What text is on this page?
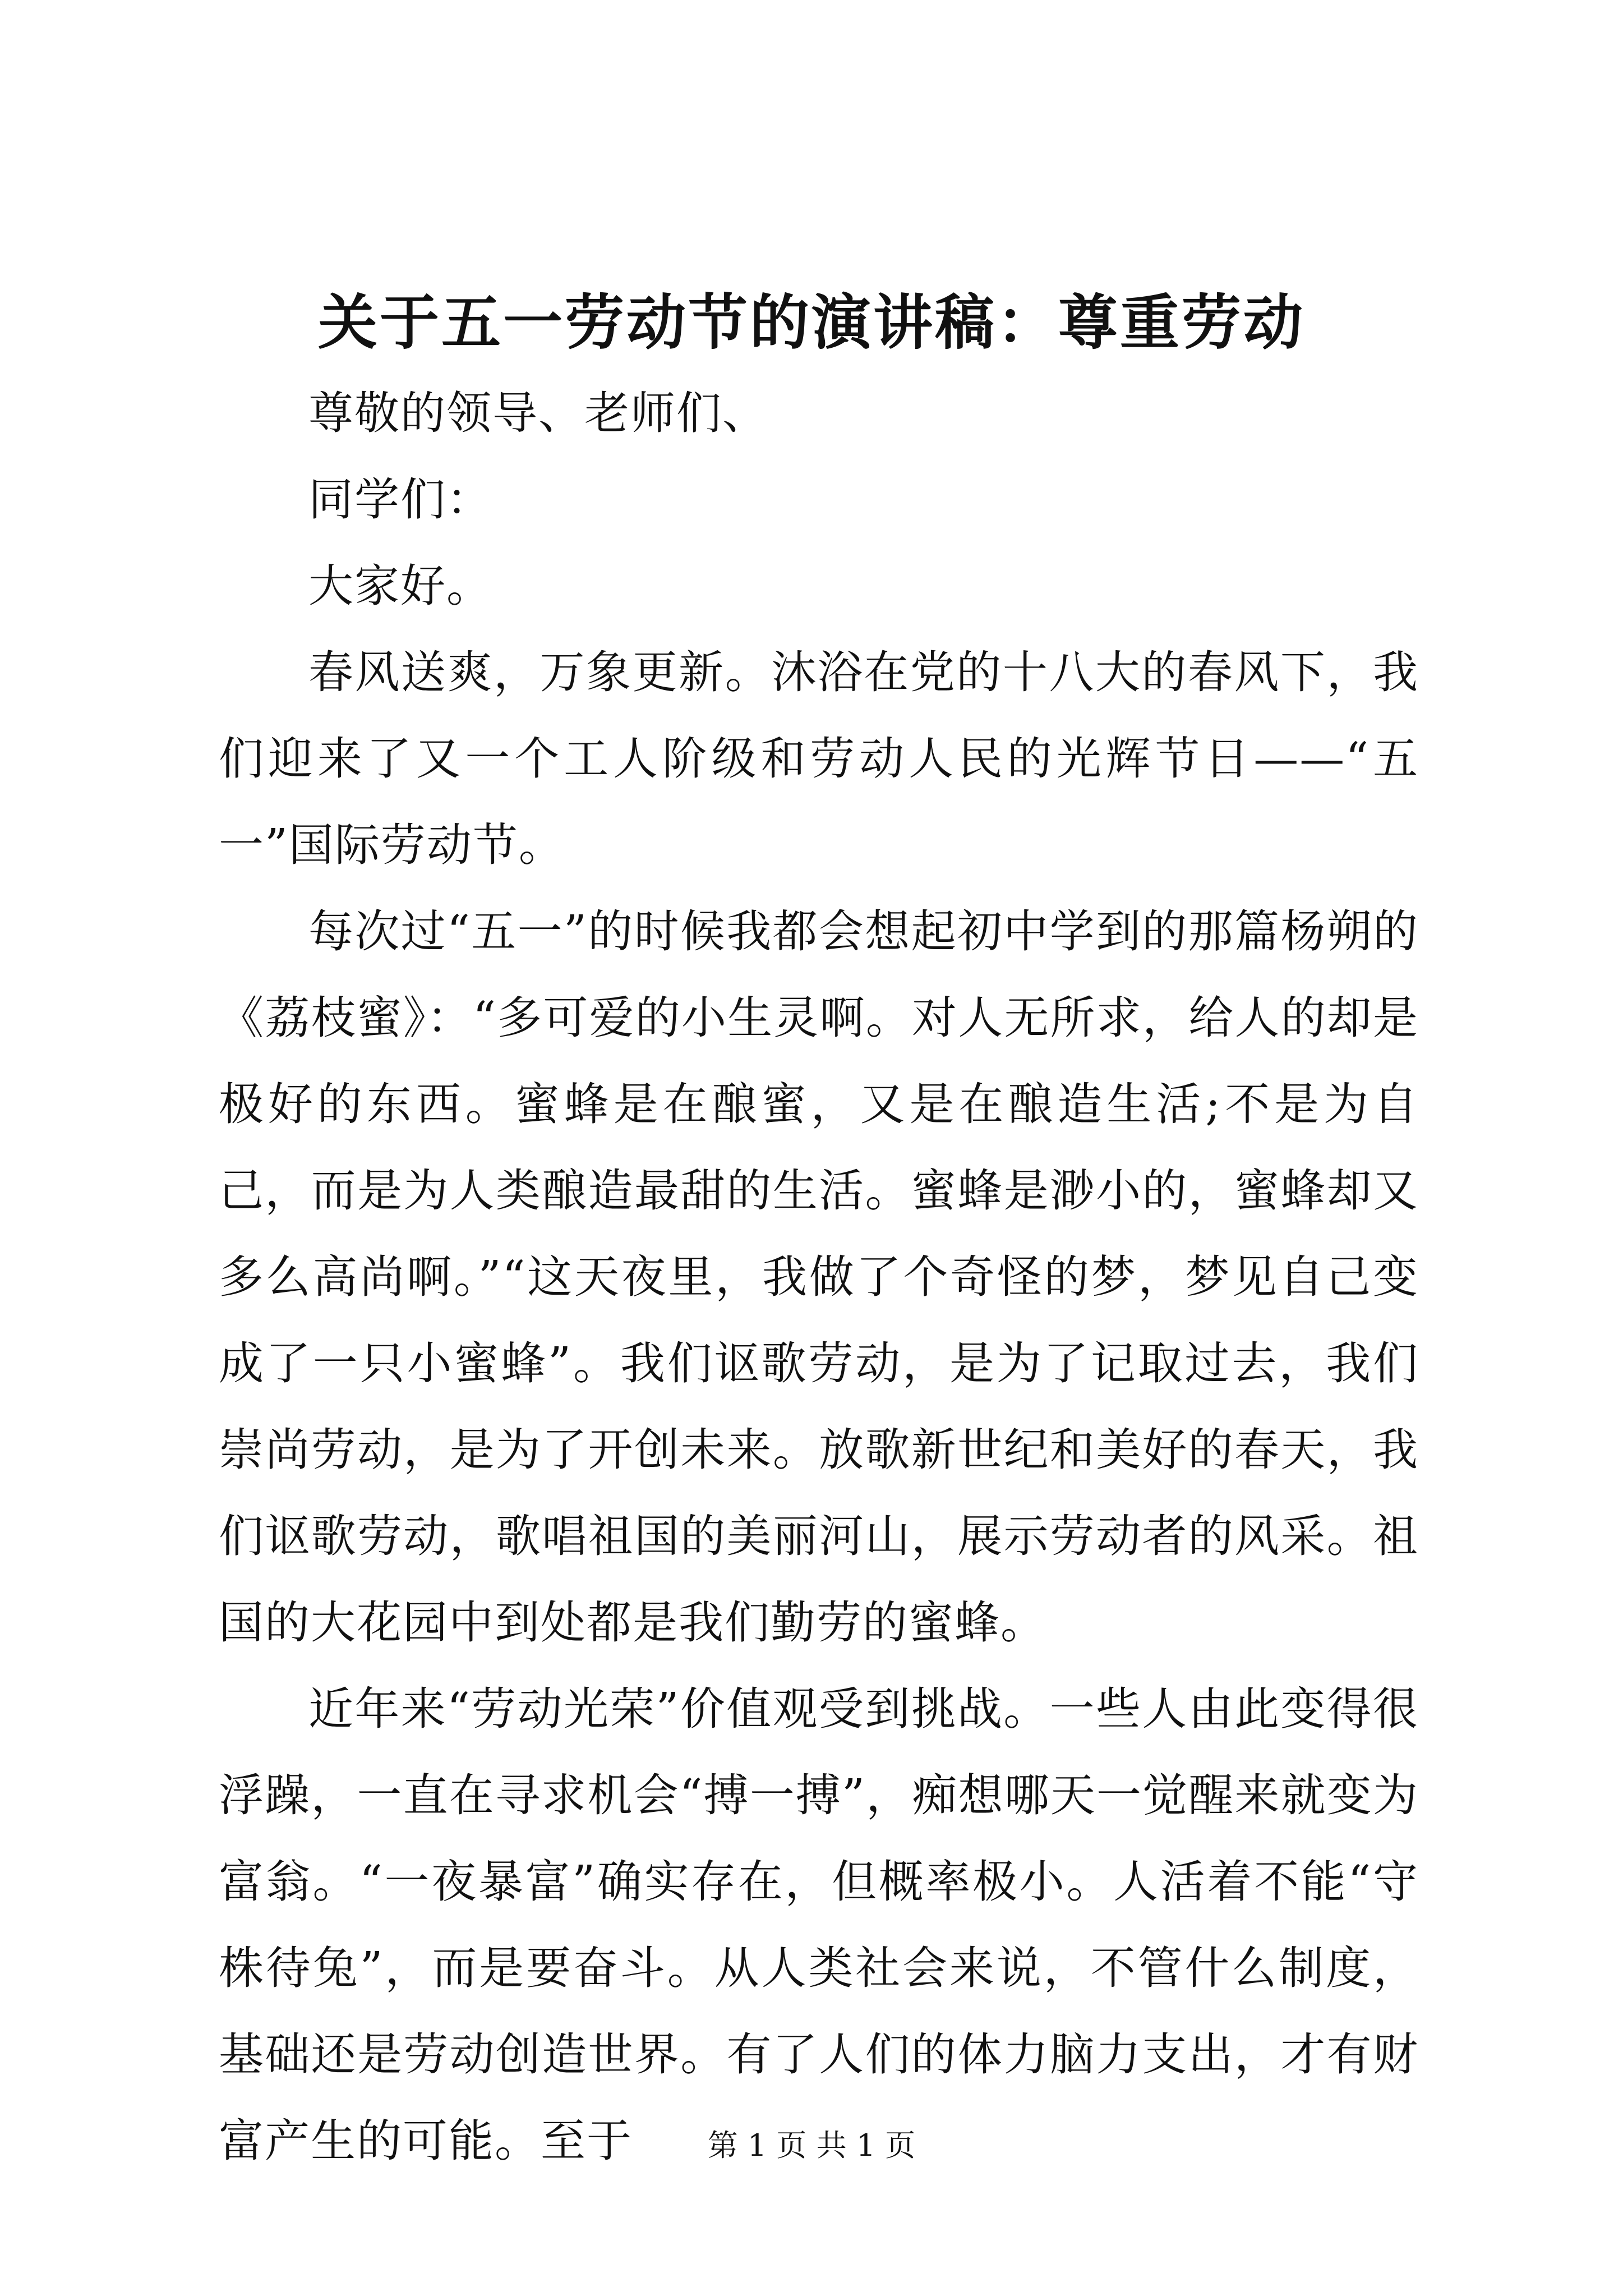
关于五一劳动节的演讲稿：尊重劳动

尊敬的领导、老师们、

同学们：

大家好。

春风送爽，万象更新。沐浴在党的十八大的春风下，我们迎来了又一个工人阶级和劳动人民的光辉节日——“五一”国际劳动节。

每次过“五一”的时候我都会想起初中学到的那篇杨朔的《荔枝蜜》：“多可爱的小生灵啊。对人无所求，给人的却是极好的东西。蜜蜂是在酿蜜，又是在酿造生活;不是为自己，而是为人类酿造最甜的生活。蜜蜂是渺小的，蜜蜂却又多么高尚啊。”“这天夜里，我做了个奇怪的梦，梦见自己变成了一只小蜜蜂”。我们讴歌劳动，是为了记取过去，我们崇尚劳动，是为了开创未来。放歌新世纪和美好的春天，我们讴歌劳动，歌唱祖国的美丽河山，展示劳动者的风采。祖国的大花园中到处都是我们勤劳的蜜蜂。

近年来“劳动光荣”价值观受到挑战。一些人由此变得很浮躁，一直在寻求机会“搏一搏”，痴想哪天一觉醒来就变为富翁。“一夜暴富”确实存在，但概率极小。人活着不能“守株待兔”，而是要奋斗。从人类社会来说，不管什么制度，基础还是劳动创造世界。有了人们的体力脑力支出，才有财富产生的可能。至于	第 1 页 共 1 页
